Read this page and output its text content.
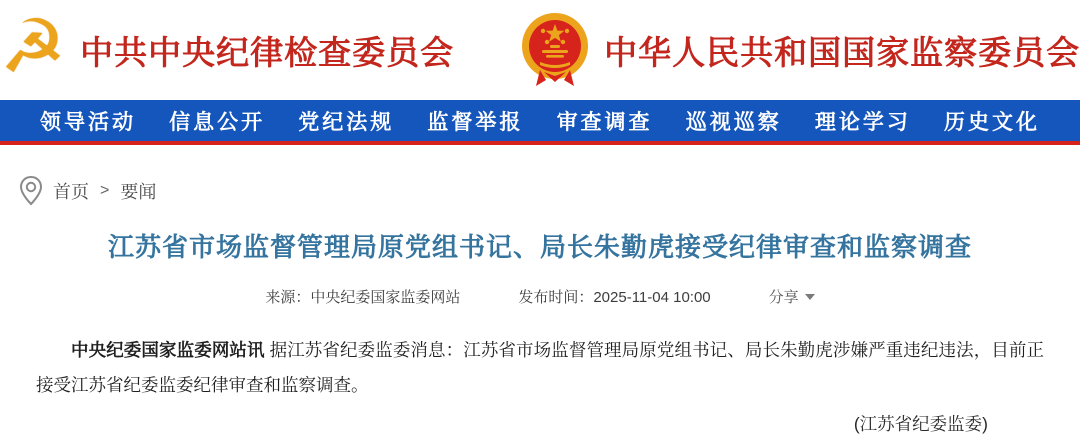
☭ 中共中央纪律检查委员会	中华人民共和国国家监察委员会
领导活动 信息公开 党纪法规 监督举报 审查调查 巡视巡察 理论学习 历史文化
首页 > 要闻
江苏省市场监督管理局原党组书记、局长朱勤虎接受纪律审查和监察调查
来源：中央纪委国家监委网站	发布时间：2025-11-04 10:00	分享

中央纪委国家监委网站讯 据江苏省纪委监委消息：江苏省市场监督管理局原党组书记、局长朱勤虎涉嫌严重违纪违法，目前正接受江苏省纪委监委纪律审查和监察调查。

(江苏省纪委监委)
